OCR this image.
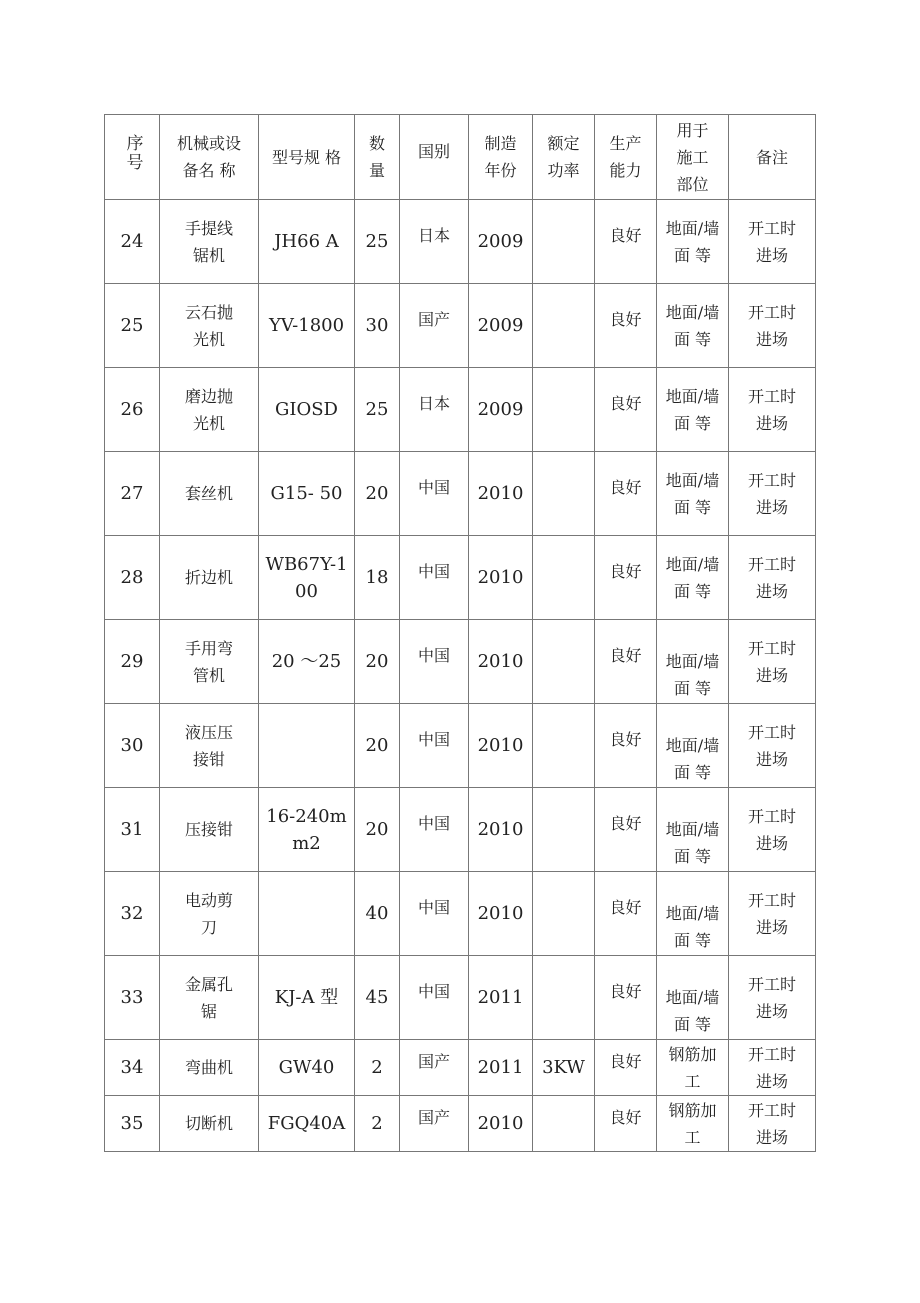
序号	机械或设备名 称	型号规 格	数量	国别	制造年份	额定功率	生产能力	用于施工部位	备注
24	手提线锯机	JH66 A	25	日本	2009		良好	地面/墙面 等	开工时进场

25	云石抛光机	YV-1800	30	国产	2009		良好	地面/墙面 等	开工时进场

26	磨边抛光机	GIOSD	25	日本	2009		良好	地面/墙面 等	开工时进场

27	套丝机	G15- 50	20	中国	2010		良好	地面/墙面 等	开工时进场

28	折边机	WB67Y-100	18	中国	2010		良好	地面/墙面 等	开工时进场

29	手用弯管机	20 ～25	20	中国	2010		良好	地面/墙面 等	开工时进场

30	液压压接钳		20	中国	2010		良好	地面/墙面 等	开工时进场

31	压接钳	16-240mm2	20	中国	2010		良好	地面/墙面 等	开工时进场

32	电动剪 刀		40	中国	2010		良好	地面/墙面 等	开工时进场

33	金属孔 锯	KJ-A 型	45	中国	2011		良好	地面/墙面 等	开工时进场

34	弯曲机	GW40	2	国产	2011	3KW	良好	钢筋加工	开工时进场

35	切断机	FGQ40A	2	国产	2010		良好	钢筋加工	开工时进场
